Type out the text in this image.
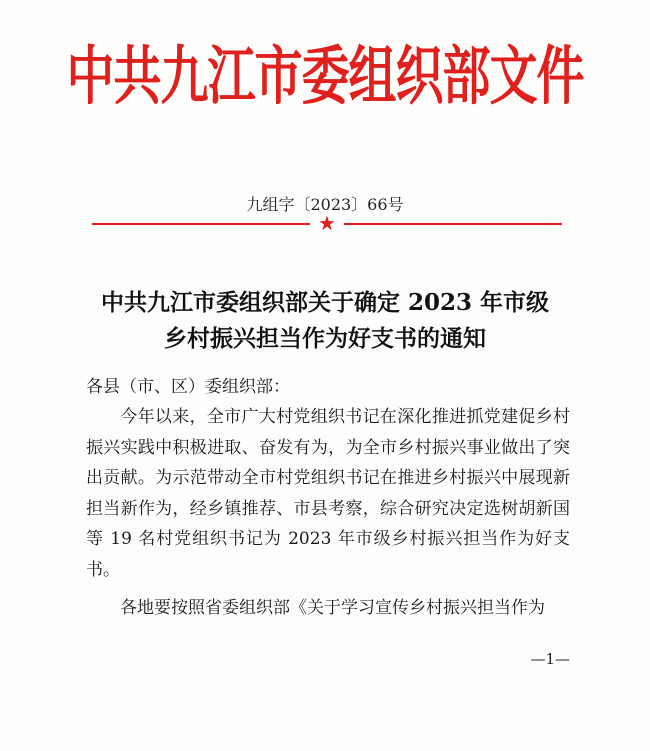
中共九江市委组织部文件
九组字〔2023〕66号
★
中共九江市委组织部关于确定 2023 年市级
乡村振兴担当作为好支书的通知
各县（市、区）委组织部：
今年以来，全市广大村党组织书记在深化推进抓党建促乡村振兴实践中积极进取、奋发有为，为全市乡村振兴事业做出了突出贡献。为示范带动全市村党组织书记在推进乡村振兴中展现新担当新作为，经乡镇推荐、市县考察，综合研究决定选树胡新国等 19 名村党组织书记为 2023 年市级乡村振兴担当作为好支书。
各地要按照省委组织部《关于学习宣传乡村振兴担当作为
—1—
